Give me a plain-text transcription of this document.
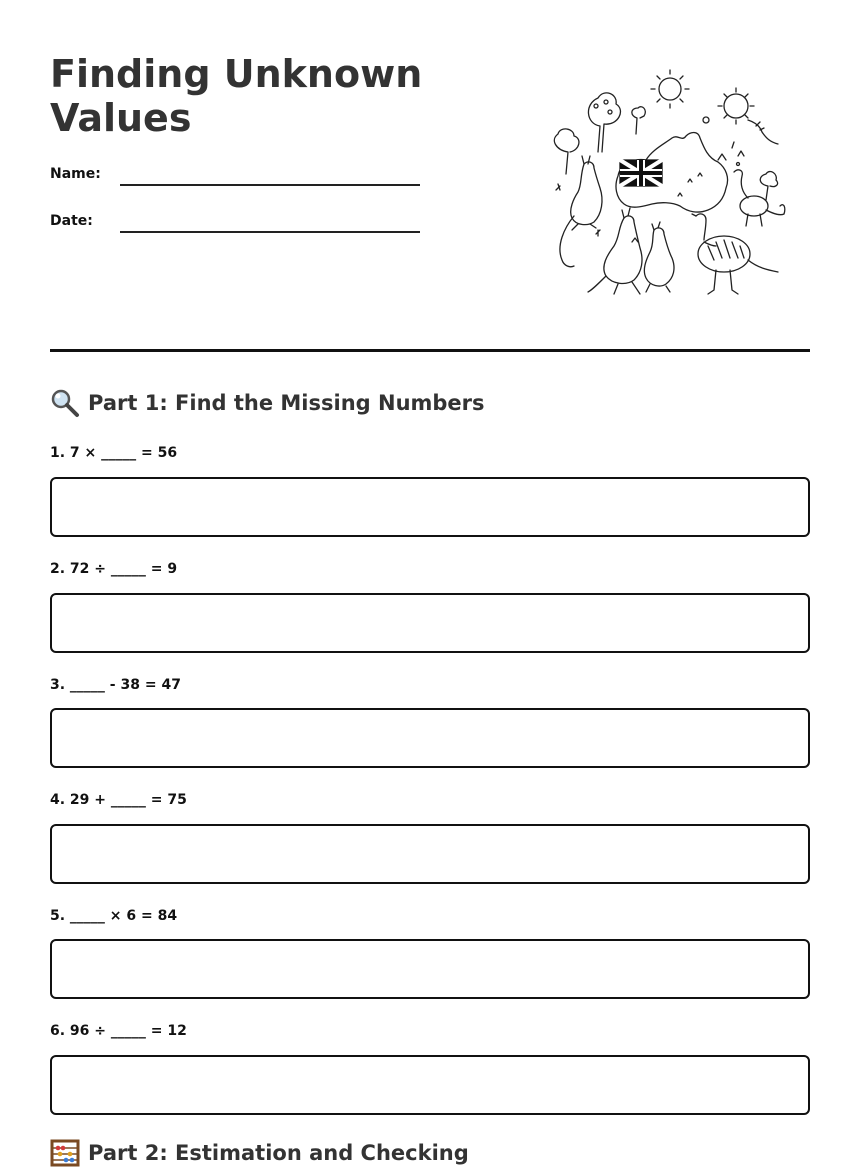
Finding Unknown Values
Name:
Date:
Part 1: Find the Missing Numbers
1. 7 × _____ = 56
2. 72 ÷ _____ = 9
3. _____ - 38 = 47
4. 29 + _____ = 75
5. _____ × 6 = 84
6. 96 ÷ _____ = 12
Part 2: Estimation and Checking
